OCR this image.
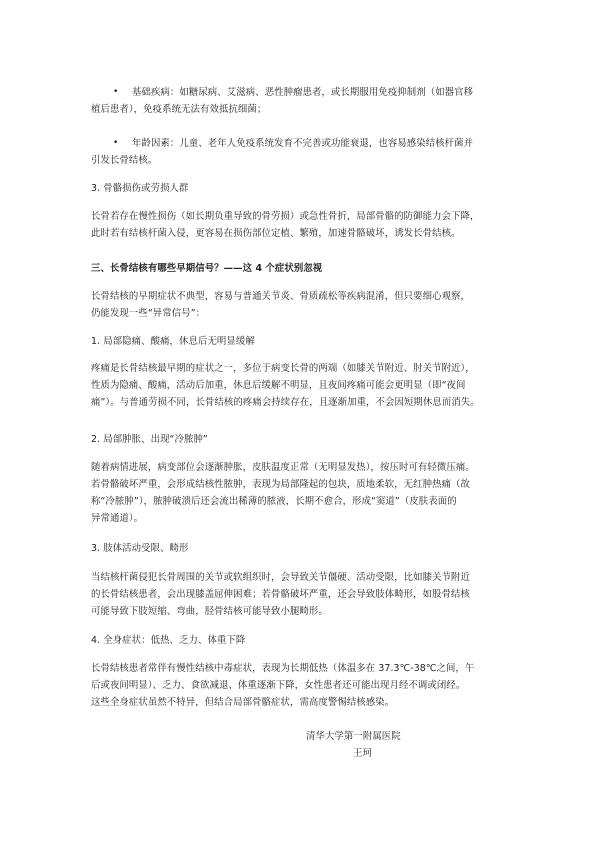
• 基础疾病：如糖尿病、艾滋病、恶性肿瘤患者，或长期服用免疫抑制剂（如器官移
植后患者），免疫系统无法有效抵抗细菌；
• 年龄因素：儿童、老年人免疫系统发育不完善或功能衰退，也容易感染结核杆菌并
引发长骨结核。
3. 骨骼损伤或劳损人群
长骨若存在慢性损伤（如长期负重导致的骨劳损）或急性骨折，局部骨骼的防御能力会下降，
此时若有结核杆菌入侵，更容易在损伤部位定植、繁殖，加速骨骼破坏，诱发长骨结核。
三、长骨结核有哪些早期信号？——这 4 个症状别忽视
长骨结核的早期症状不典型，容易与普通关节炎、骨质疏松等疾病混淆，但只要细心观察，
仍能发现一些“异常信号”：
1. 局部隐痛、酸痛，休息后无明显缓解
疼痛是长骨结核最早期的症状之一，多位于病变长骨的两端（如膝关节附近、肘关节附近），
性质为隐痛、酸痛，活动后加重，休息后缓解不明显，且夜间疼痛可能会更明显（即“夜间
痛”）。与普通劳损不同，长骨结核的疼痛会持续存在，且逐渐加重，不会因短期休息而消失。
2. 局部肿胀、出现“冷脓肿”
随着病情进展，病变部位会逐渐肿胀，皮肤温度正常（无明显发热），按压时可有轻微压痛。
若骨骼破坏严重，会形成结核性脓肿，表现为局部隆起的包块，质地柔软，无红肿热痛（故
称“冷脓肿”），脓肿破溃后还会流出稀薄的脓液，长期不愈合，形成“窦道”（皮肤表面的
异常通道）。
3. 肢体活动受限、畸形
当结核杆菌侵犯长骨周围的关节或软组织时，会导致关节僵硬、活动受限，比如膝关节附近
的长骨结核患者，会出现膝盖屈伸困难；若骨骼破坏严重，还会导致肢体畸形，如股骨结核
可能导致下肢短缩、弯曲，胫骨结核可能导致小腿畸形。
4. 全身症状：低热、乏力、体重下降
长骨结核患者常伴有慢性结核中毒症状，表现为长期低热（体温多在 37.3℃-38℃之间，午
后或夜间明显）、乏力、食欲减退、体重逐渐下降，女性患者还可能出现月经不调或闭经。
这些全身症状虽然不特异，但结合局部骨骼症状，需高度警惕结核感染。
清华大学第一附属医院
王珂
